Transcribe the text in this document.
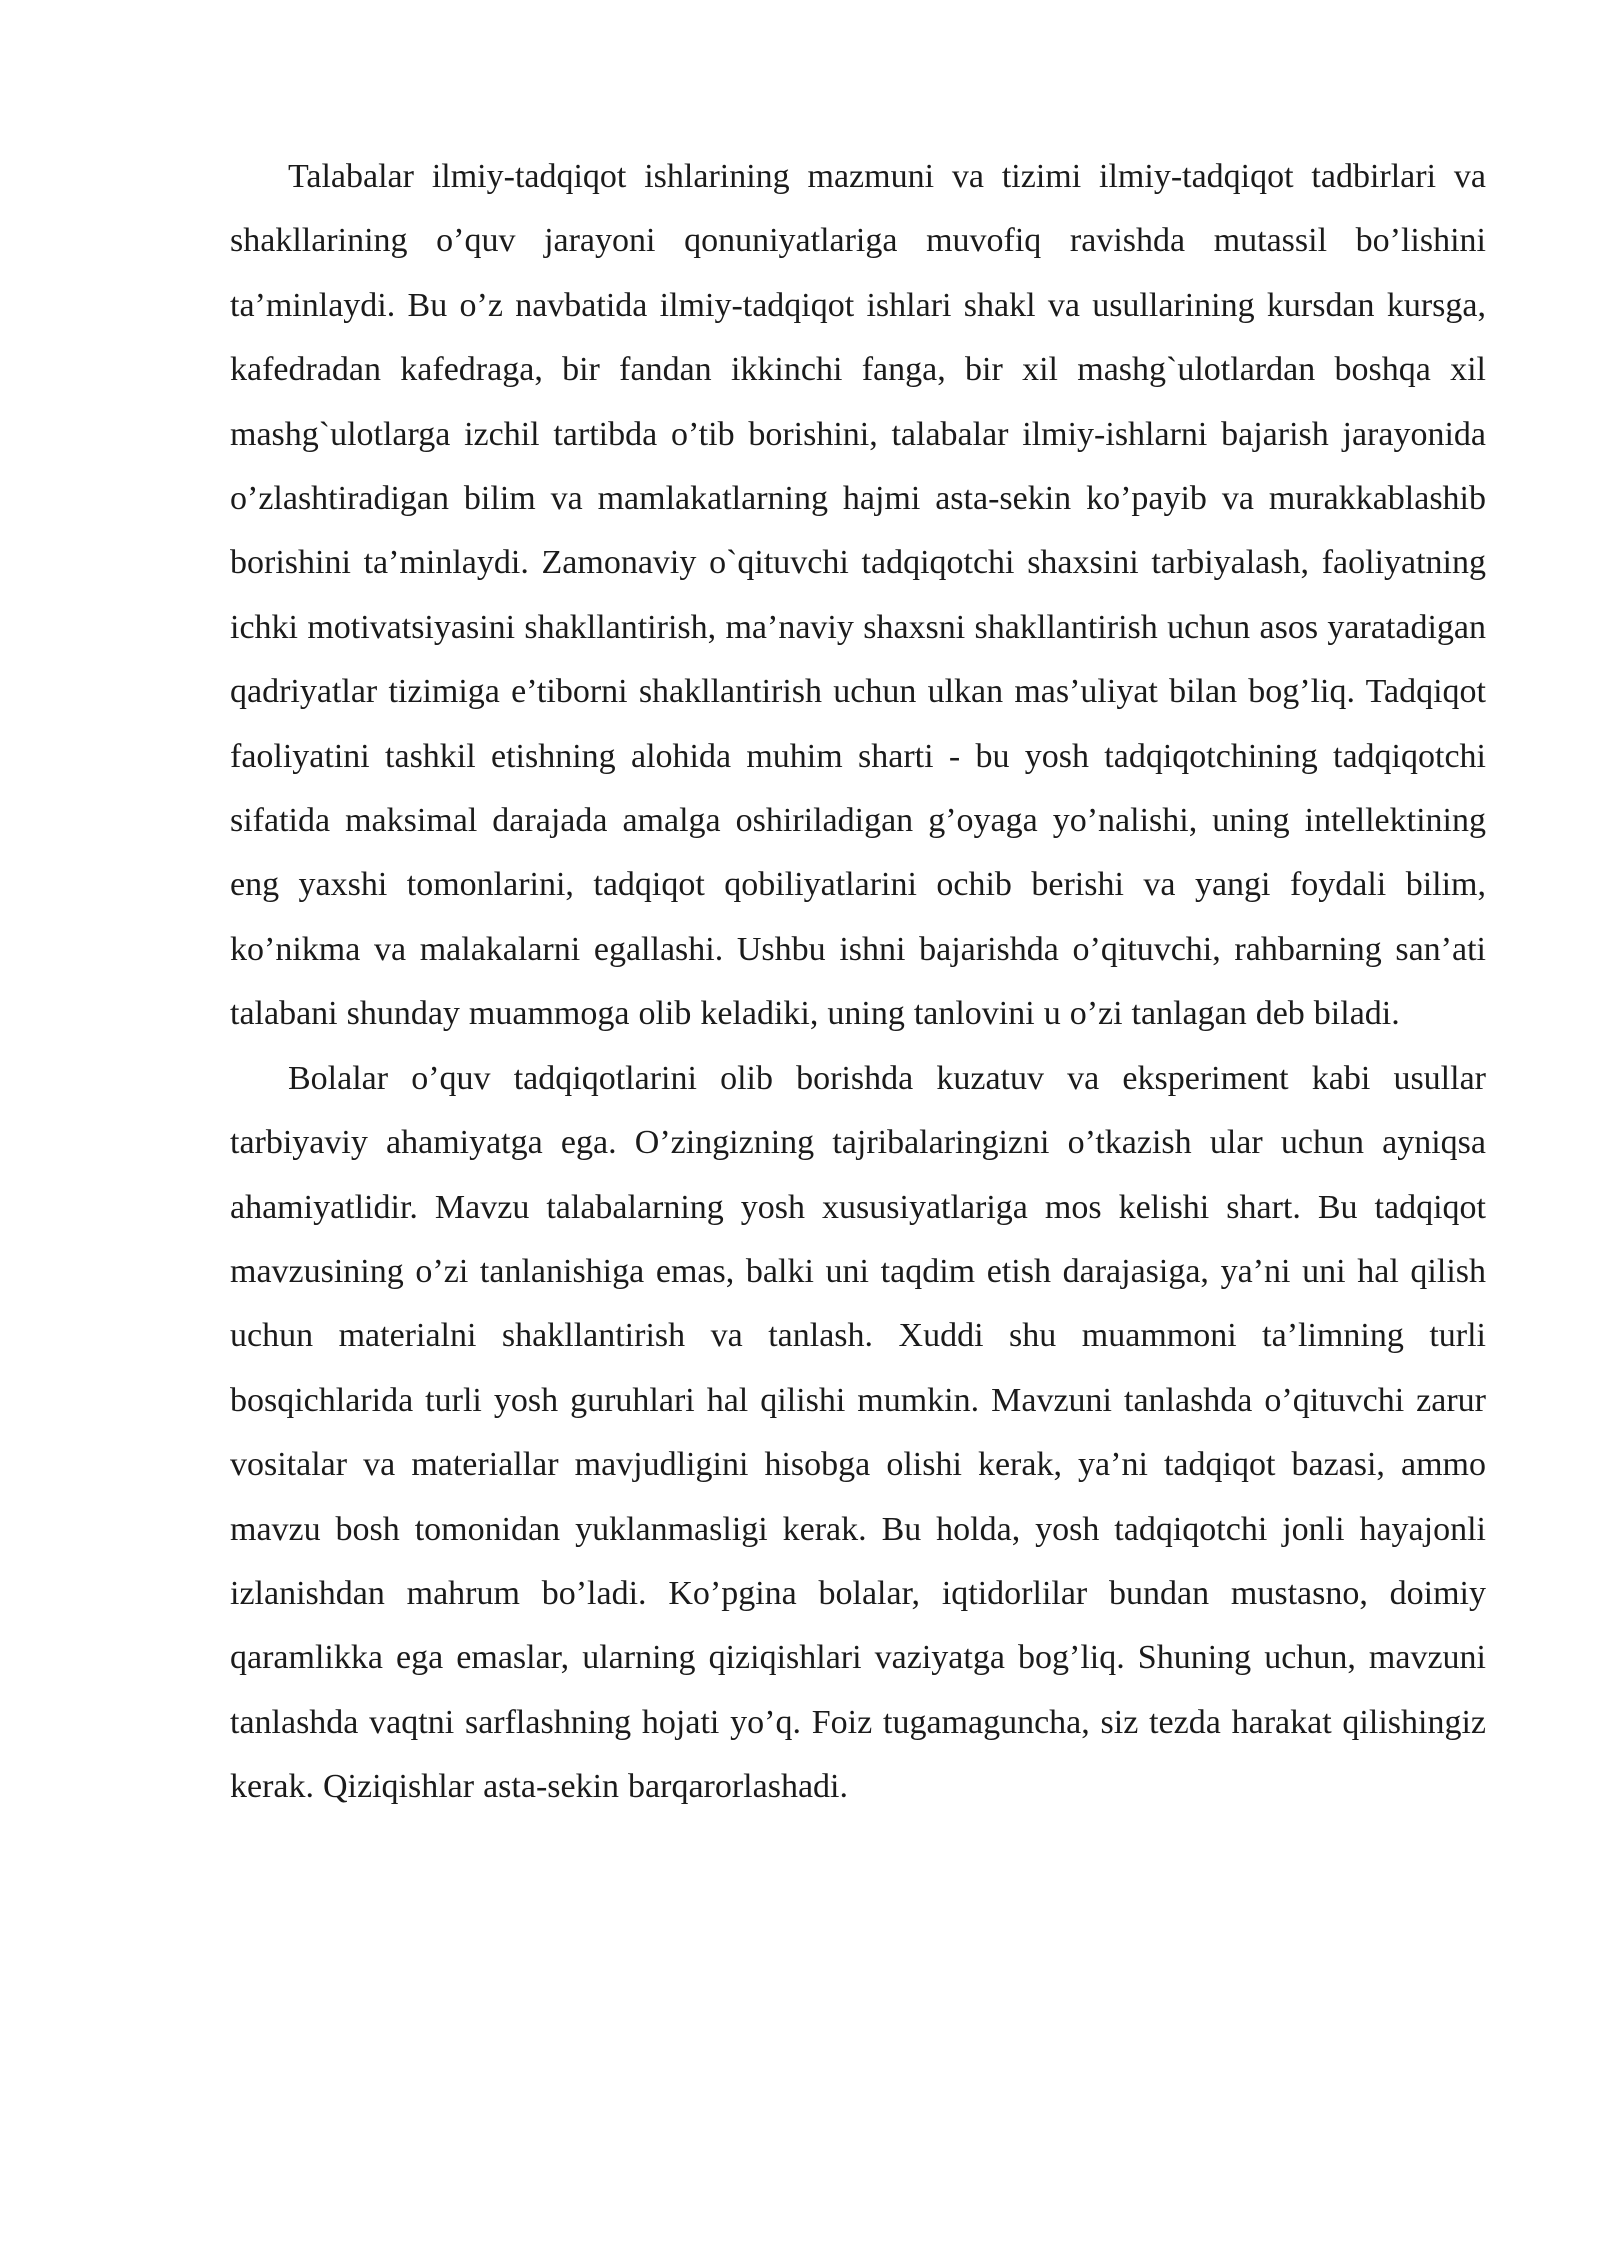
Talabalar ilmiy-tadqiqot ishlarining mazmuni va tizimi ilmiy-tadqiqot tadbirlari va shakllarining o’quv jarayoni qonuniyatlariga muvofiq ravishda mutassil bo’lishini ta’minlaydi. Bu o’z navbatida ilmiy-tadqiqot ishlari shakl va usullarining kursdan kursga, kafedradan kafedraga, bir fandan ikkinchi fanga, bir xil mashg`ulotlardan boshqa xil mashg`ulotlarga izchil tartibda o’tib borishini, talabalar ilmiy-ishlarni bajarish jarayonida o’zlashtiradigan bilim va mamlakatlarning hajmi asta-sekin ko’payib va murakkablashib borishini ta’minlaydi. Zamonaviy o`qituvchi tadqiqotchi shaxsini tarbiyalash, faoliyatning ichki motivatsiyasini shakllantirish, ma’naviy shaxsni shakllantirish uchun asos yaratadigan qadriyatlar tizimiga e’tiborni shakllantirish uchun ulkan mas’uliyat bilan bog’liq. Tadqiqot faoliyatini tashkil etishning alohida muhim sharti - bu yosh tadqiqotchining tadqiqotchi sifatida maksimal darajada amalga oshiriladigan g’oyaga yo’nalishi, uning intellektining eng yaxshi tomonlarini, tadqiqot qobiliyatlarini ochib berishi va yangi foydali bilim, ko’nikma va malakalarni egallashi. Ushbu ishni bajarishda o’qituvchi, rahbarning san’ati talabani shunday muammoga olib keladiki, uning tanlovini u o’zi tanlagan deb biladi.

Bolalar o’quv tadqiqotlarini olib borishda kuzatuv va eksperiment kabi usullar tarbiyaviy ahamiyatga ega. O’zingizning tajribalaringizni o’tkazish ular uchun ayniqsa ahamiyatlidir. Mavzu talabalarning yosh xususiyatlariga mos kelishi shart. Bu tadqiqot mavzusining o’zi tanlanishiga emas, balki uni taqdim etish darajasiga, ya’ni uni hal qilish uchun materialni shakllantirish va tanlash. Xuddi shu muammoni ta’limning turli bosqichlarida turli yosh guruhlari hal qilishi mumkin. Mavzuni tanlashda o’qituvchi zarur vositalar va materiallar mavjudligini hisobga olishi kerak, ya’ni tadqiqot bazasi, ammo mavzu bosh tomonidan yuklanmasligi kerak. Bu holda, yosh tadqiqotchi jonli hayajonli izlanishdan mahrum bo’ladi. Ko’pgina bolalar, iqtidorlilar bundan mustasno, doimiy qaramlikka ega emaslar, ularning qiziqishlari vaziyatga bog’liq. Shuning uchun, mavzuni tanlashda vaqtni sarflashning hojati yo’q. Foiz tugamaguncha, siz tezda harakat qilishingiz kerak. Qiziqishlar asta-sekin barqarorlashadi.
